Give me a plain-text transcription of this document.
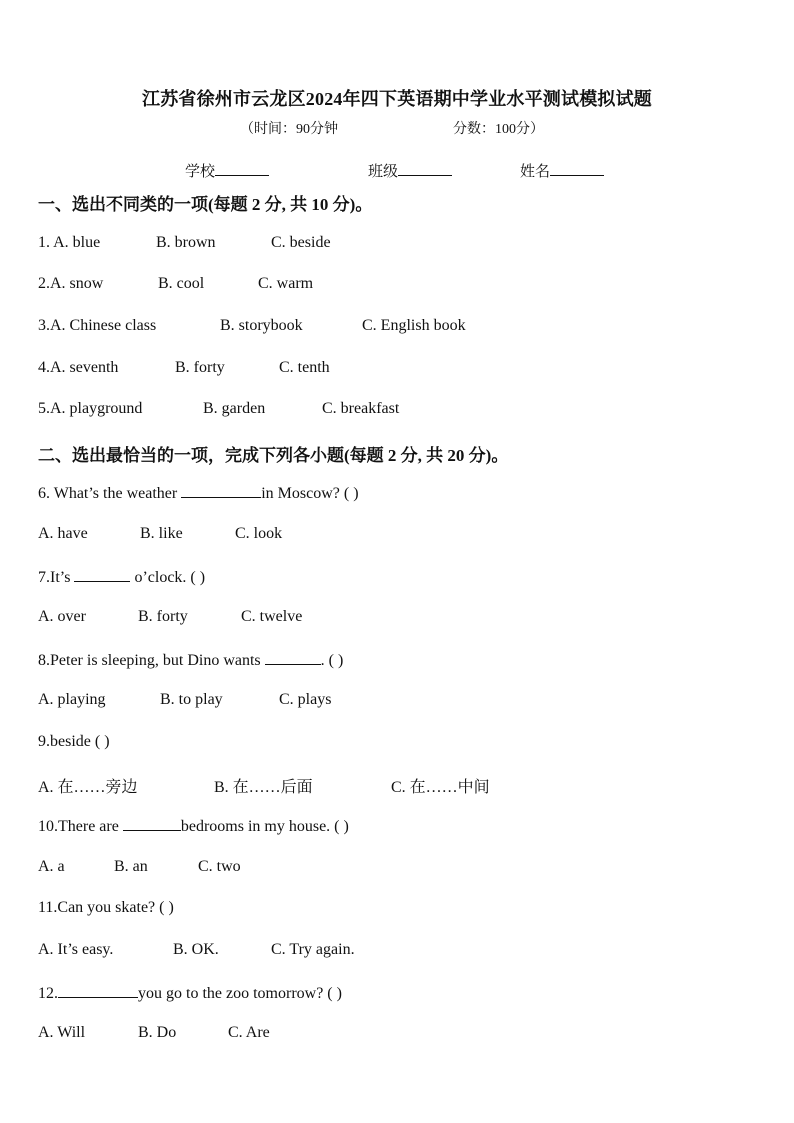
江苏省徐州市云龙区2024年四下英语期中学业水平测试模拟试题
（时间：90分钟	分数：100分）
学校	班级	姓名
一、选出不同类的一项(每题 2 分, 共 10 分)。
1. A. blue	B. brown	C. beside
2.A. snow	B. cool	C. warm
3.A. Chinese class	B. storybook	C. English book
4.A. seventh	B. forty	C. tenth
5.A. playground	B. garden	C. breakfast
二、选出最恰当的一项，完成下列各小题(每题 2 分, 共 20 分)。
6. What’s the weather	in Moscow? ( )
A. have	B. like	C. look
7.It’s	o’clock. ( )
A. over	B. forty	C. twelve
8.Peter is sleeping, but Dino wants	. ( )
A. playing	B. to play	C. plays
9.beside ( )
A. 在……旁边	B. 在……后面	C. 在……中间
10.There are	bedrooms in my house. ( )
A. a	B. an	C. two
11.Can you skate? ( )
A. It’s easy.	B. OK.	C. Try again.
12.	you go to the zoo tomorrow? ( )
A. Will	B. Do	C. Are
